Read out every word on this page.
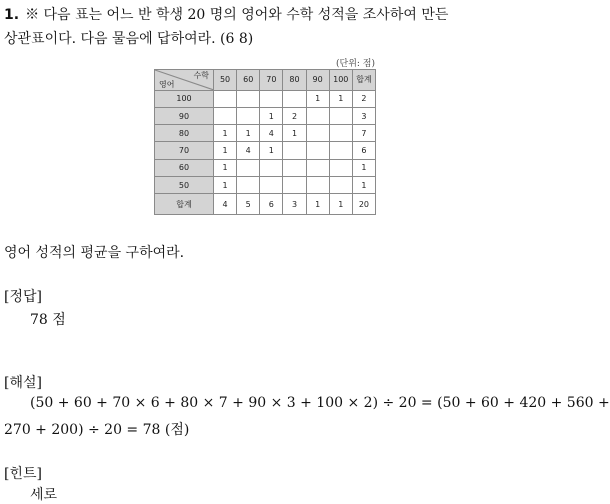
1. ※ 다음 표는 어느 반 학생 20 명의 영어와 수학 성적을 조사하여 만든
상관표이다. 다음 물음에 답하여라. (6 8)
(단위: 점)
수학
영어	50	60	70	80	90	100	합계
100					1	1	2
90			1	2			3
80	1	1	4	1			7
70	1	4	1				6
60	1						1
50	1						1
합계	4	5	6	3	1	1	20
영어 성적의 평균을 구하여라.
[정답]
78 점
[해설]
(50 + 60 + 70 × 6 + 80 × 7 + 90 × 3 + 100 × 2) ÷ 20 = (50 + 60 + 420 + 560 +
270 + 200) ÷ 20 = 78 (점)
[힌트]
세로
